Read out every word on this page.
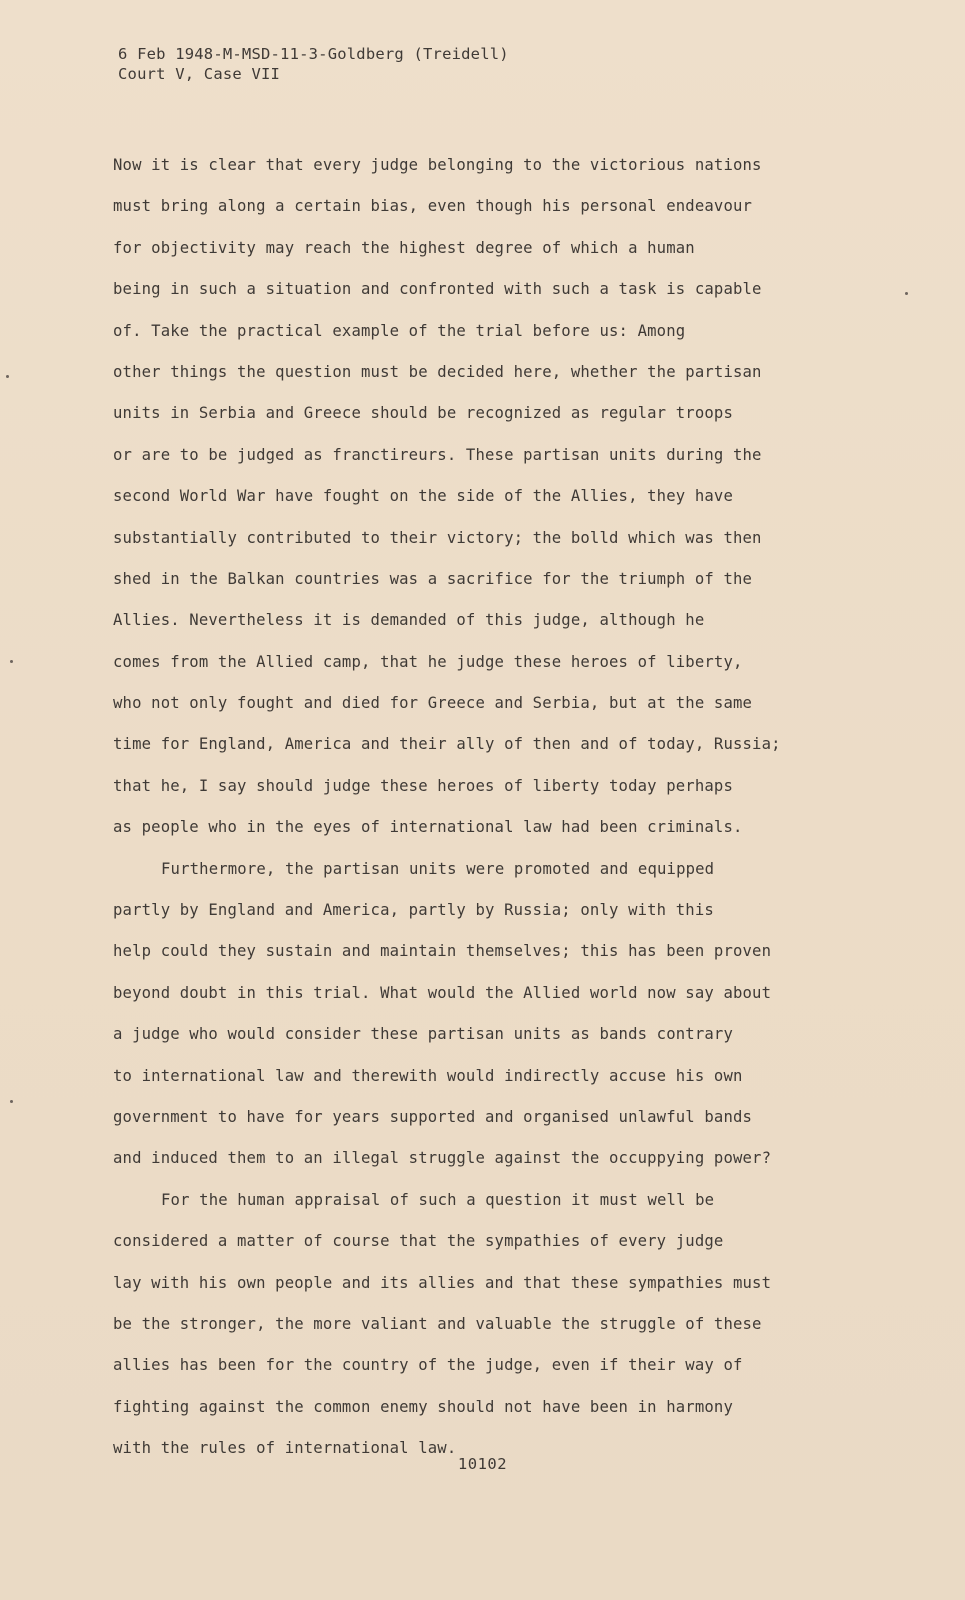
6 Feb 1948-M-MSD-11-3-Goldberg (Treidell)
Court V, Case VII
Now it is clear that every judge belonging to the victorious nations
must bring along a certain bias, even though his personal endeavour
for objectivity may reach the highest degree of which a human
being in such a situation and confronted with such a task is capable
of. Take the practical example of the trial before us: Among
other things the question must be decided here, whether the partisan
units in Serbia and Greece should be recognized as regular troops
or are to be judged as franctireurs. These partisan units during the
second World War have fought on the side of the Allies, they have
substantially contributed to their victory; the bolld which was then
shed in the Balkan countries was a sacrifice for the triumph of the
Allies. Nevertheless it is demanded of this judge, although he
comes from the Allied camp, that he judge these heroes of liberty,
who not only fought and died for Greece and Serbia, but at the same
time for England, America and their ally of then and of today, Russia;
that he, I say should judge these heroes of liberty today perhaps
as people who in the eyes of international law had been criminals.
Furthermore, the partisan units were promoted and equipped
partly by England and America, partly by Russia; only with this
help could they sustain and maintain themselves; this has been proven
beyond doubt in this trial. What would the Allied world now say about
a judge who would consider these partisan units as bands contrary
to international law and therewith would indirectly accuse his own
government to have for years supported and organised unlawful bands
and induced them to an illegal struggle against the occuppying power?
For the human appraisal of such a question it must well be
considered a matter of course that the sympathies of every judge
lay with his own people and its allies and that these sympathies must
be the stronger, the more valiant and valuable the struggle of these
allies has been for the country of the judge, even if their way of
fighting against the common enemy should not have been in harmony
with the rules of international law.
10102
